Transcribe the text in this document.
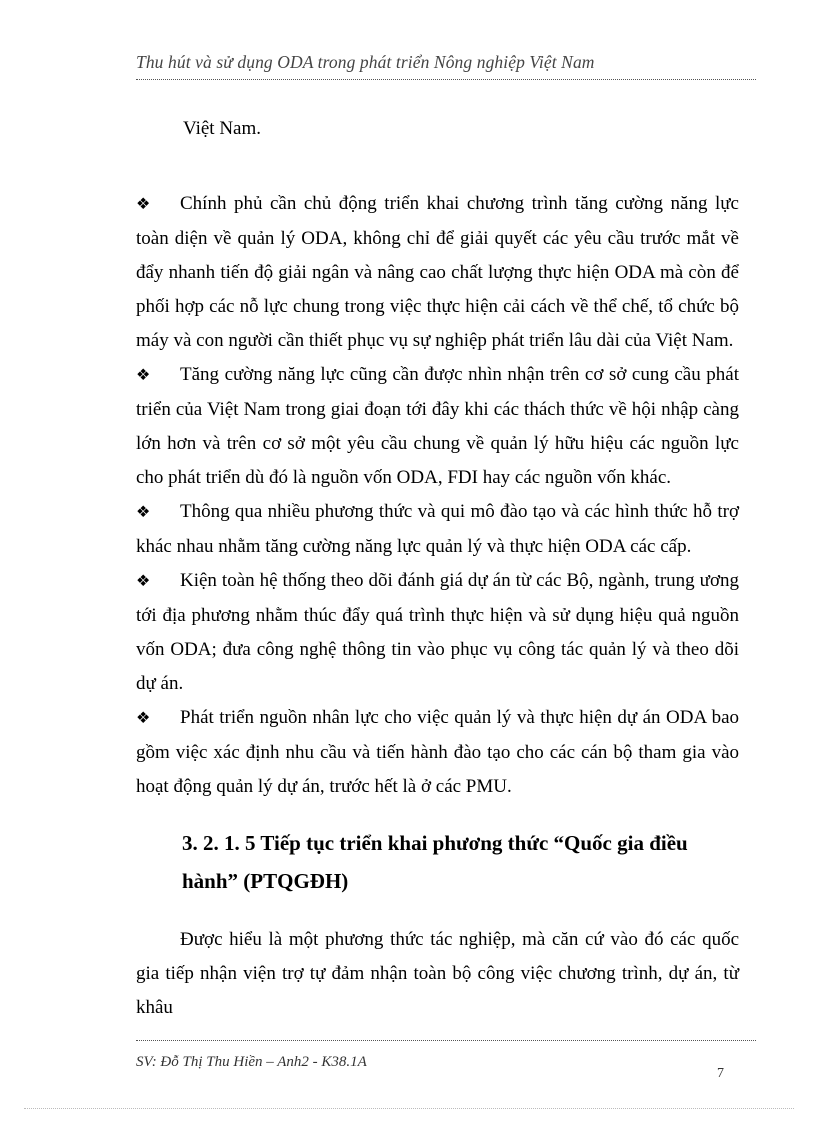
Thu hút và sử dụng ODA trong phát triển Nông nghiệp Việt Nam
Việt Nam.

❖ Chính phủ cần chủ động triển khai chương trình tăng cường năng lực toàn diện về quản lý ODA, không chỉ để giải quyết các yêu cầu trước mắt về đẩy nhanh tiến độ giải ngân và nâng cao chất lượng thực hiện ODA mà còn để phối hợp các nỗ lực chung trong việc thực hiện cải cách về thể chế, tổ chức bộ máy và con người cần thiết phục vụ sự nghiệp phát triển lâu dài của Việt Nam.

❖ Tăng cường năng lực cũng cần được nhìn nhận trên cơ sở cung cầu phát triển của Việt Nam trong giai đoạn tới đây khi các thách thức về hội nhập càng lớn hơn và trên cơ sở một yêu cầu chung về quản lý hữu hiệu các nguồn lực cho phát triển dù đó là nguồn vốn ODA, FDI hay các nguồn vốn khác.

❖ Thông qua nhiều phương thức và qui mô đào tạo và các hình thức hỗ trợ khác nhau nhằm tăng cường năng lực quản lý và thực hiện ODA các cấp.

❖ Kiện toàn hệ thống theo dõi đánh giá dự án từ các Bộ, ngành, trung ương tới địa phương nhằm thúc đẩy quá trình thực hiện và sử dụng hiệu quả nguồn vốn ODA; đưa công nghệ thông tin vào phục vụ công tác quản lý và theo dõi dự án.

❖ Phát triển nguồn nhân lực cho việc quản lý và thực hiện dự án ODA bao gồm việc xác định nhu cầu và tiến hành đào tạo cho các cán bộ tham gia vào hoạt động quản lý dự án, trước hết là ở các PMU.

3. 2. 1. 5 Tiếp tục triển khai phương thức “Quốc gia điều hành” (PTQGĐH)
Được hiểu là một phương thức tác nghiệp, mà căn cứ vào đó các quốc gia tiếp nhận viện trợ tự đảm nhận toàn bộ công việc chương trình, dự án, từ khâu
SV: Đỗ Thị Thu Hiền – Anh2 - K38.1A
7
